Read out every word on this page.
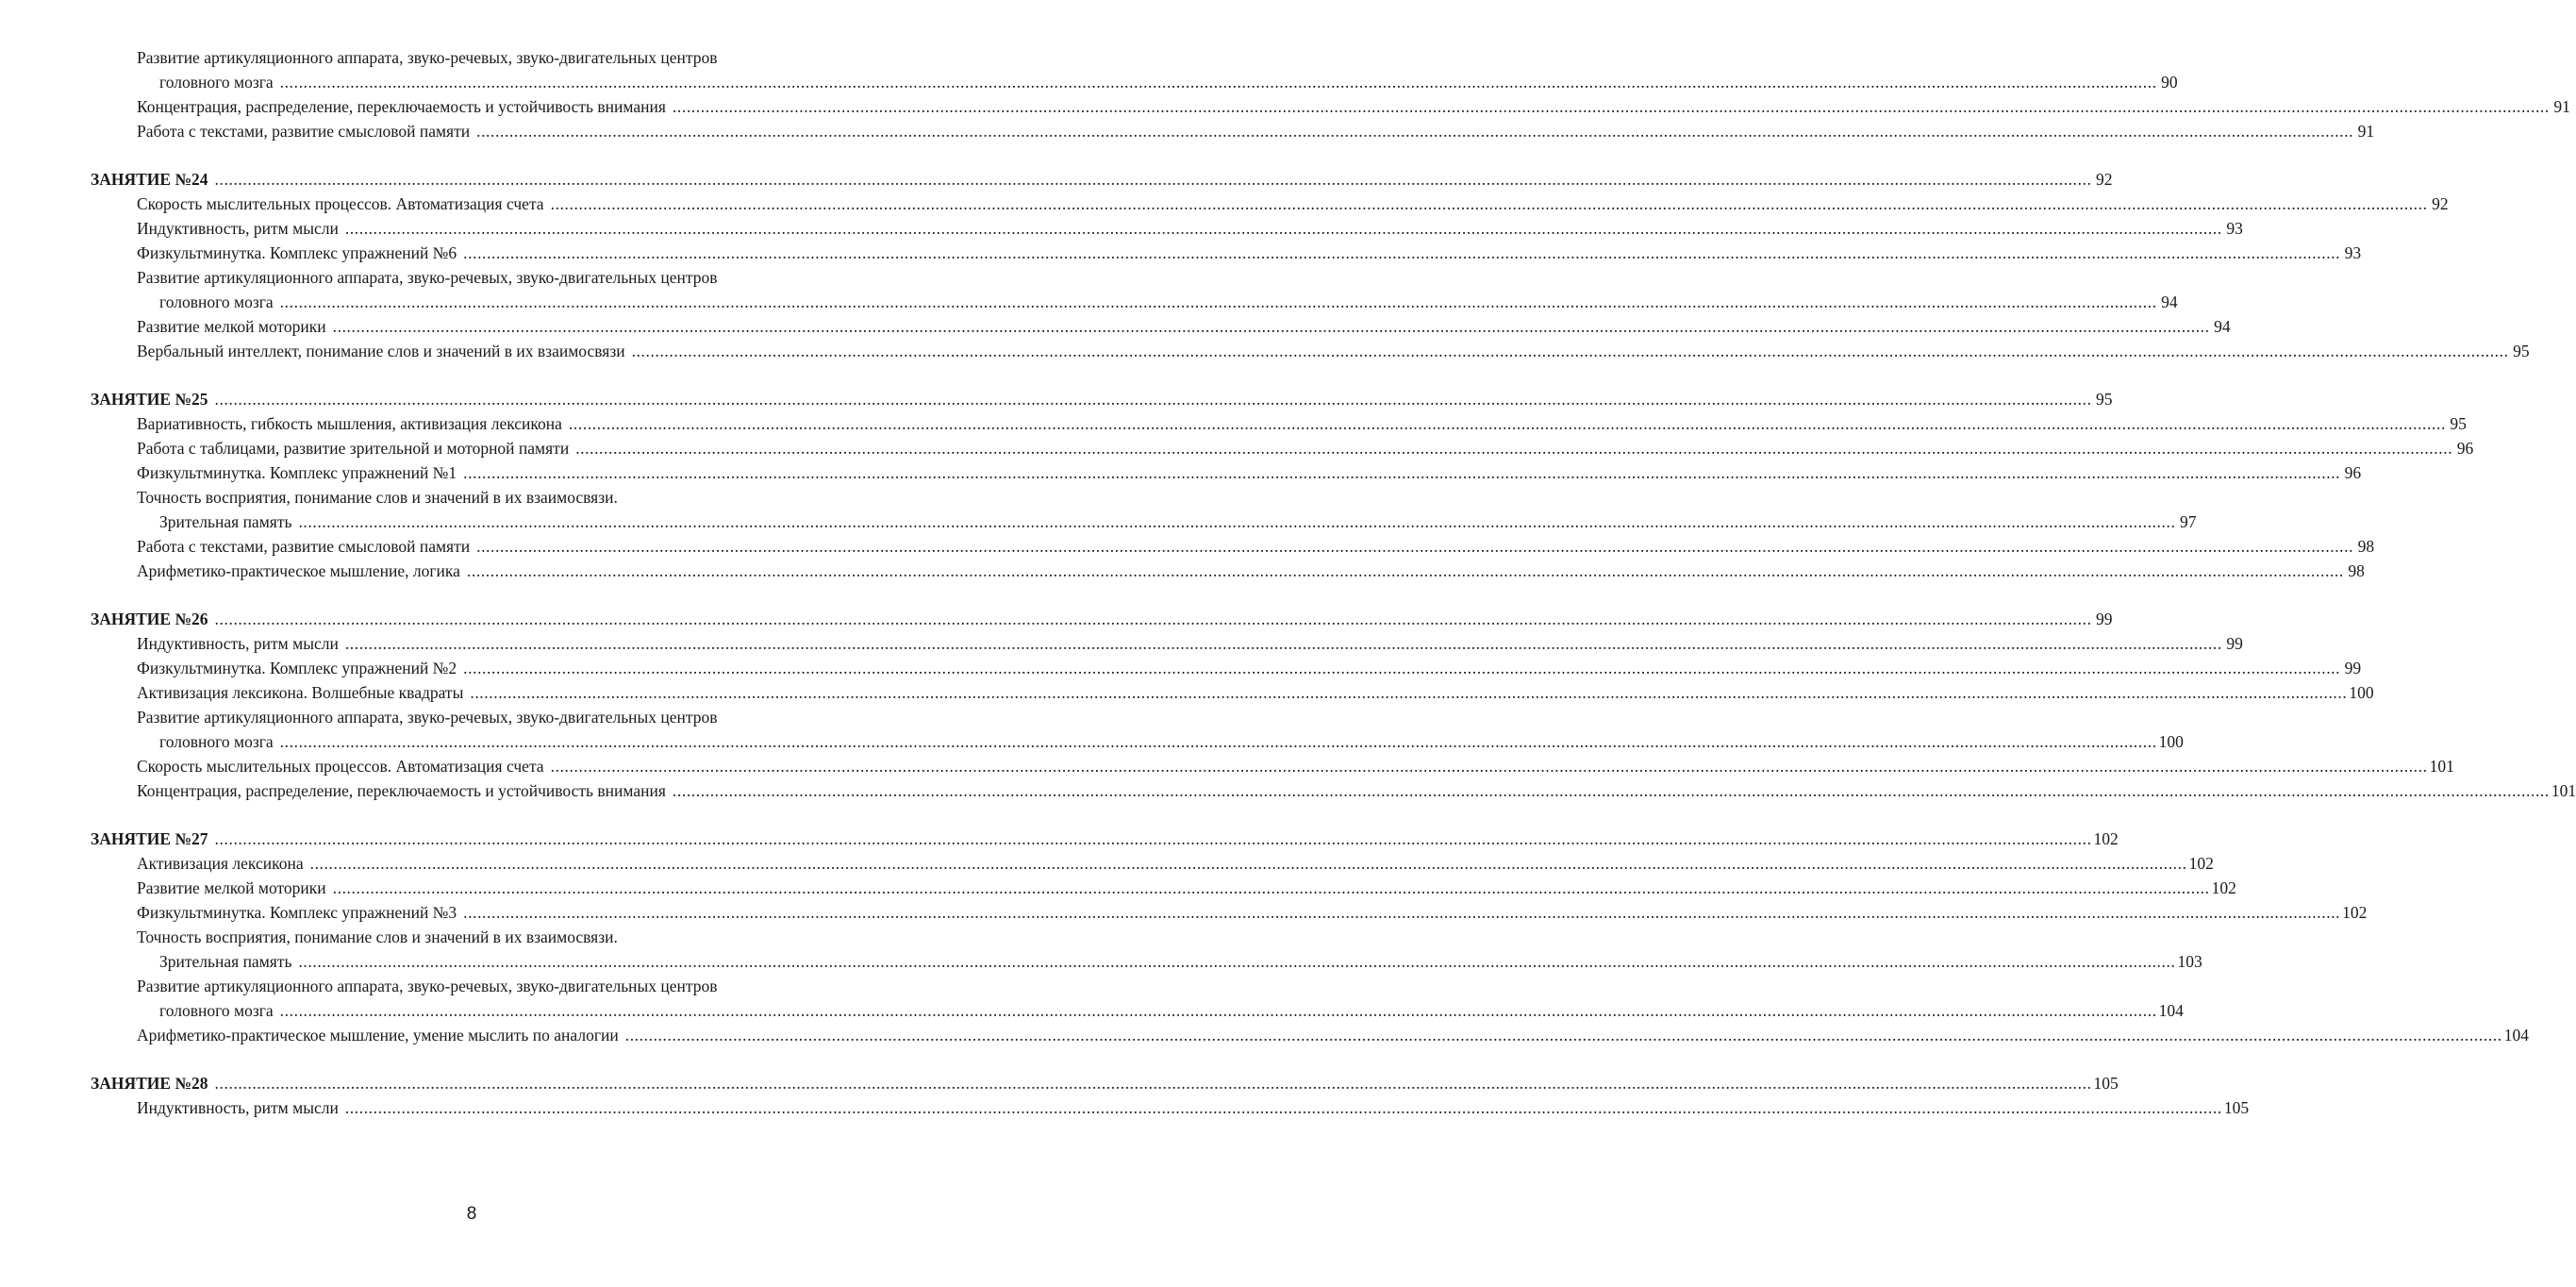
Развитие артикуляционного аппарата, звуко-речевых, звуко-двигательных центров
головного мозга ................................................................................................................................................................................................................................................................................................................................................................................................................ 90
Концентрация, распределение, переключаемость и устойчивость внимания ................................................................................................................................................................................................................................................................................................................................................................................................................ 91
Работа с текстами, развитие смысловой памяти ................................................................................................................................................................................................................................................................................................................................................................................................................ 91
ЗАНЯТИЕ №24 ................................................................................................................................................................................................................................................................................................................................................................................................................ 92
Скорость мыслительных процессов. Автоматизация счета ................................................................................................................................................................................................................................................................................................................................................................................................................ 92
Индуктивность, ритм мысли ................................................................................................................................................................................................................................................................................................................................................................................................................ 93
Физкультминутка. Комплекс упражнений №6 ................................................................................................................................................................................................................................................................................................................................................................................................................ 93
Развитие артикуляционного аппарата, звуко-речевых, звуко-двигательных центров
головного мозга ................................................................................................................................................................................................................................................................................................................................................................................................................ 94
Развитие мелкой моторики ................................................................................................................................................................................................................................................................................................................................................................................................................ 94
Вербальный интеллект, понимание слов и значений в их взаимосвязи ................................................................................................................................................................................................................................................................................................................................................................................................................ 95
ЗАНЯТИЕ №25 ................................................................................................................................................................................................................................................................................................................................................................................................................ 95
Вариативность, гибкость мышления, активизация лексикона ................................................................................................................................................................................................................................................................................................................................................................................................................ 95
Работа с таблицами, развитие зрительной и моторной памяти ................................................................................................................................................................................................................................................................................................................................................................................................................ 96
Физкультминутка. Комплекс упражнений №1 ................................................................................................................................................................................................................................................................................................................................................................................................................ 96
Точность восприятия, понимание слов и значений в их взаимосвязи.
Зрительная память ................................................................................................................................................................................................................................................................................................................................................................................................................ 97
Работа с текстами, развитие смысловой памяти ................................................................................................................................................................................................................................................................................................................................................................................................................ 98
Арифметико-практическое мышление, логика ................................................................................................................................................................................................................................................................................................................................................................................................................ 98
ЗАНЯТИЕ №26 ................................................................................................................................................................................................................................................................................................................................................................................................................ 99
Индуктивность, ритм мысли ................................................................................................................................................................................................................................................................................................................................................................................................................ 99
Физкультминутка. Комплекс упражнений №2 ................................................................................................................................................................................................................................................................................................................................................................................................................ 99
Активизация лексикона. Волшебные квадраты ................................................................................................................................................................................................................................................................................................................................................................................................................ 100
Развитие артикуляционного аппарата, звуко-речевых, звуко-двигательных центров
головного мозга ................................................................................................................................................................................................................................................................................................................................................................................................................ 100
Скорость мыслительных процессов. Автоматизация счета ................................................................................................................................................................................................................................................................................................................................................................................................................ 101
Концентрация, распределение, переключаемость и устойчивость внимания ................................................................................................................................................................................................................................................................................................................................................................................................................ 101
ЗАНЯТИЕ №27 ................................................................................................................................................................................................................................................................................................................................................................................................................ 102
Активизация лексикона ................................................................................................................................................................................................................................................................................................................................................................................................................ 102
Развитие мелкой моторики ................................................................................................................................................................................................................................................................................................................................................................................................................ 102
Физкультминутка. Комплекс упражнений №3 ................................................................................................................................................................................................................................................................................................................................................................................................................ 102
Точность восприятия, понимание слов и значений в их взаимосвязи.
Зрительная память ................................................................................................................................................................................................................................................................................................................................................................................................................ 103
Развитие артикуляционного аппарата, звуко-речевых, звуко-двигательных центров
головного мозга ................................................................................................................................................................................................................................................................................................................................................................................................................ 104
Арифметико-практическое мышление, умение мыслить по аналогии ................................................................................................................................................................................................................................................................................................................................................................................................................ 104
ЗАНЯТИЕ №28 ................................................................................................................................................................................................................................................................................................................................................................................................................ 105
Индуктивность, ритм мысли ................................................................................................................................................................................................................................................................................................................................................................................................................ 105
8
